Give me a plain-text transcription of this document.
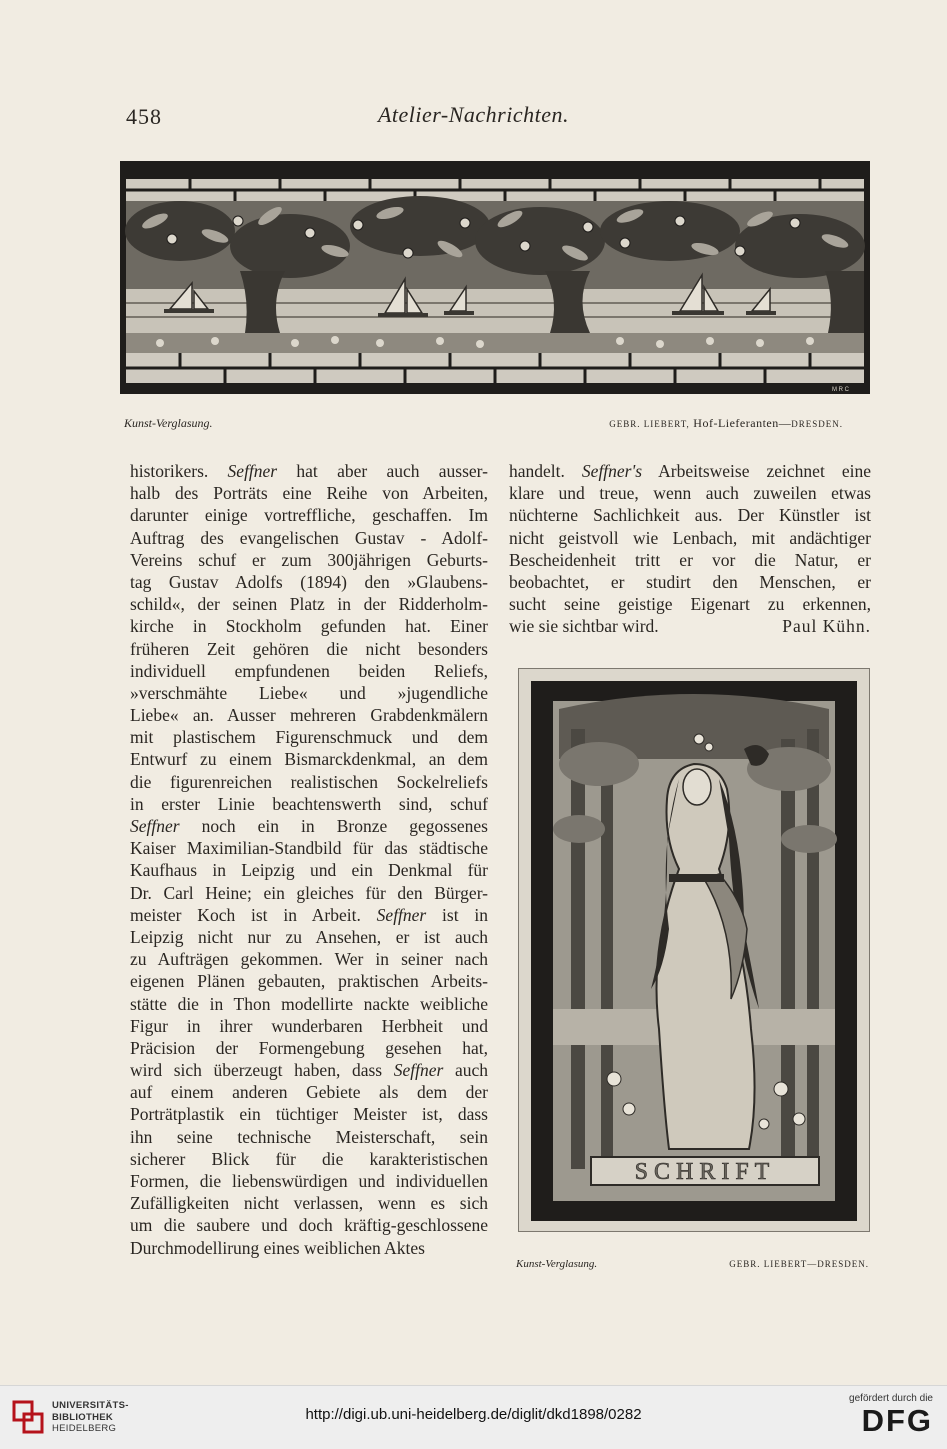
458	Atelier-Nachrichten.
M R C
Kunst-Verglasung.	GEBR. LIEBERT, Hof-Lieferanten—DRESDEN.
historikers. Seffner hat aber auch ausser-
halb des Porträts eine Reihe von Arbeiten,
darunter einige vortreffliche, geschaffen. Im
Auftrag des evangelischen Gustav - Adolf-
Vereins schuf er zum 300jährigen Geburts-
tag Gustav Adolfs (1894) den »Glaubens-
schild«, der seinen Platz in der Ridderholm-
kirche in Stockholm gefunden hat. Einer
früheren Zeit gehören die nicht besonders
individuell empfundenen beiden Reliefs,
»verschmähte Liebe« und »jugendliche
Liebe« an. Ausser mehreren Grabdenkmälern
mit plastischem Figurenschmuck und dem
Entwurf zu einem Bismarckdenkmal, an dem
die figurenreichen realistischen Sockelreliefs
in erster Linie beachtenswerth sind, schuf
Seffner noch ein in Bronze gegossenes
Kaiser Maximilian-Standbild für das städtische
Kaufhaus in Leipzig und ein Denkmal für
Dr. Carl Heine; ein gleiches für den Bürger-
meister Koch ist in Arbeit. Seffner ist in
Leipzig nicht nur zu Ansehen, er ist auch
zu Aufträgen gekommen. Wer in seiner nach
eigenen Plänen gebauten, praktischen Arbeits-
stätte die in Thon modellirte nackte weibliche
Figur in ihrer wunderbaren Herbheit und
Präcision der Formengebung gesehen hat,
wird sich überzeugt haben, dass Seffner auch
auf einem anderen Gebiete als dem der
Porträtplastik ein tüchtiger Meister ist, dass
ihn seine technische Meisterschaft, sein
sicherer Blick für die karakteristischen
Formen, die liebenswürdigen und individuellen
Zufälligkeiten nicht verlassen, wenn es sich
um die saubere und doch kräftig-geschlossene
Durchmodellirung eines weiblichen Aktes
handelt. Seffner's Arbeitsweise zeichnet eine
klare und treue, wenn auch zuweilen etwas
nüchterne Sachlichkeit aus. Der Künstler ist
nicht geistvoll wie Lenbach, mit andächtiger
Bescheidenheit tritt er vor die Natur, er
beobachtet, er studirt den Menschen, er
sucht seine geistige Eigenart zu erkennen,
wie sie sichtbar wird.	Paul Kühn.
SCHRIFT
Kunst-Verglasung.	GEBR. LIEBERT—DRESDEN.
UNIVERSITÄTS-
BIBLIOTHEK
HEIDELBERG
http://digi.ub.uni-heidelberg.de/diglit/dkd1898/0282
gefördert durch die
DFG
